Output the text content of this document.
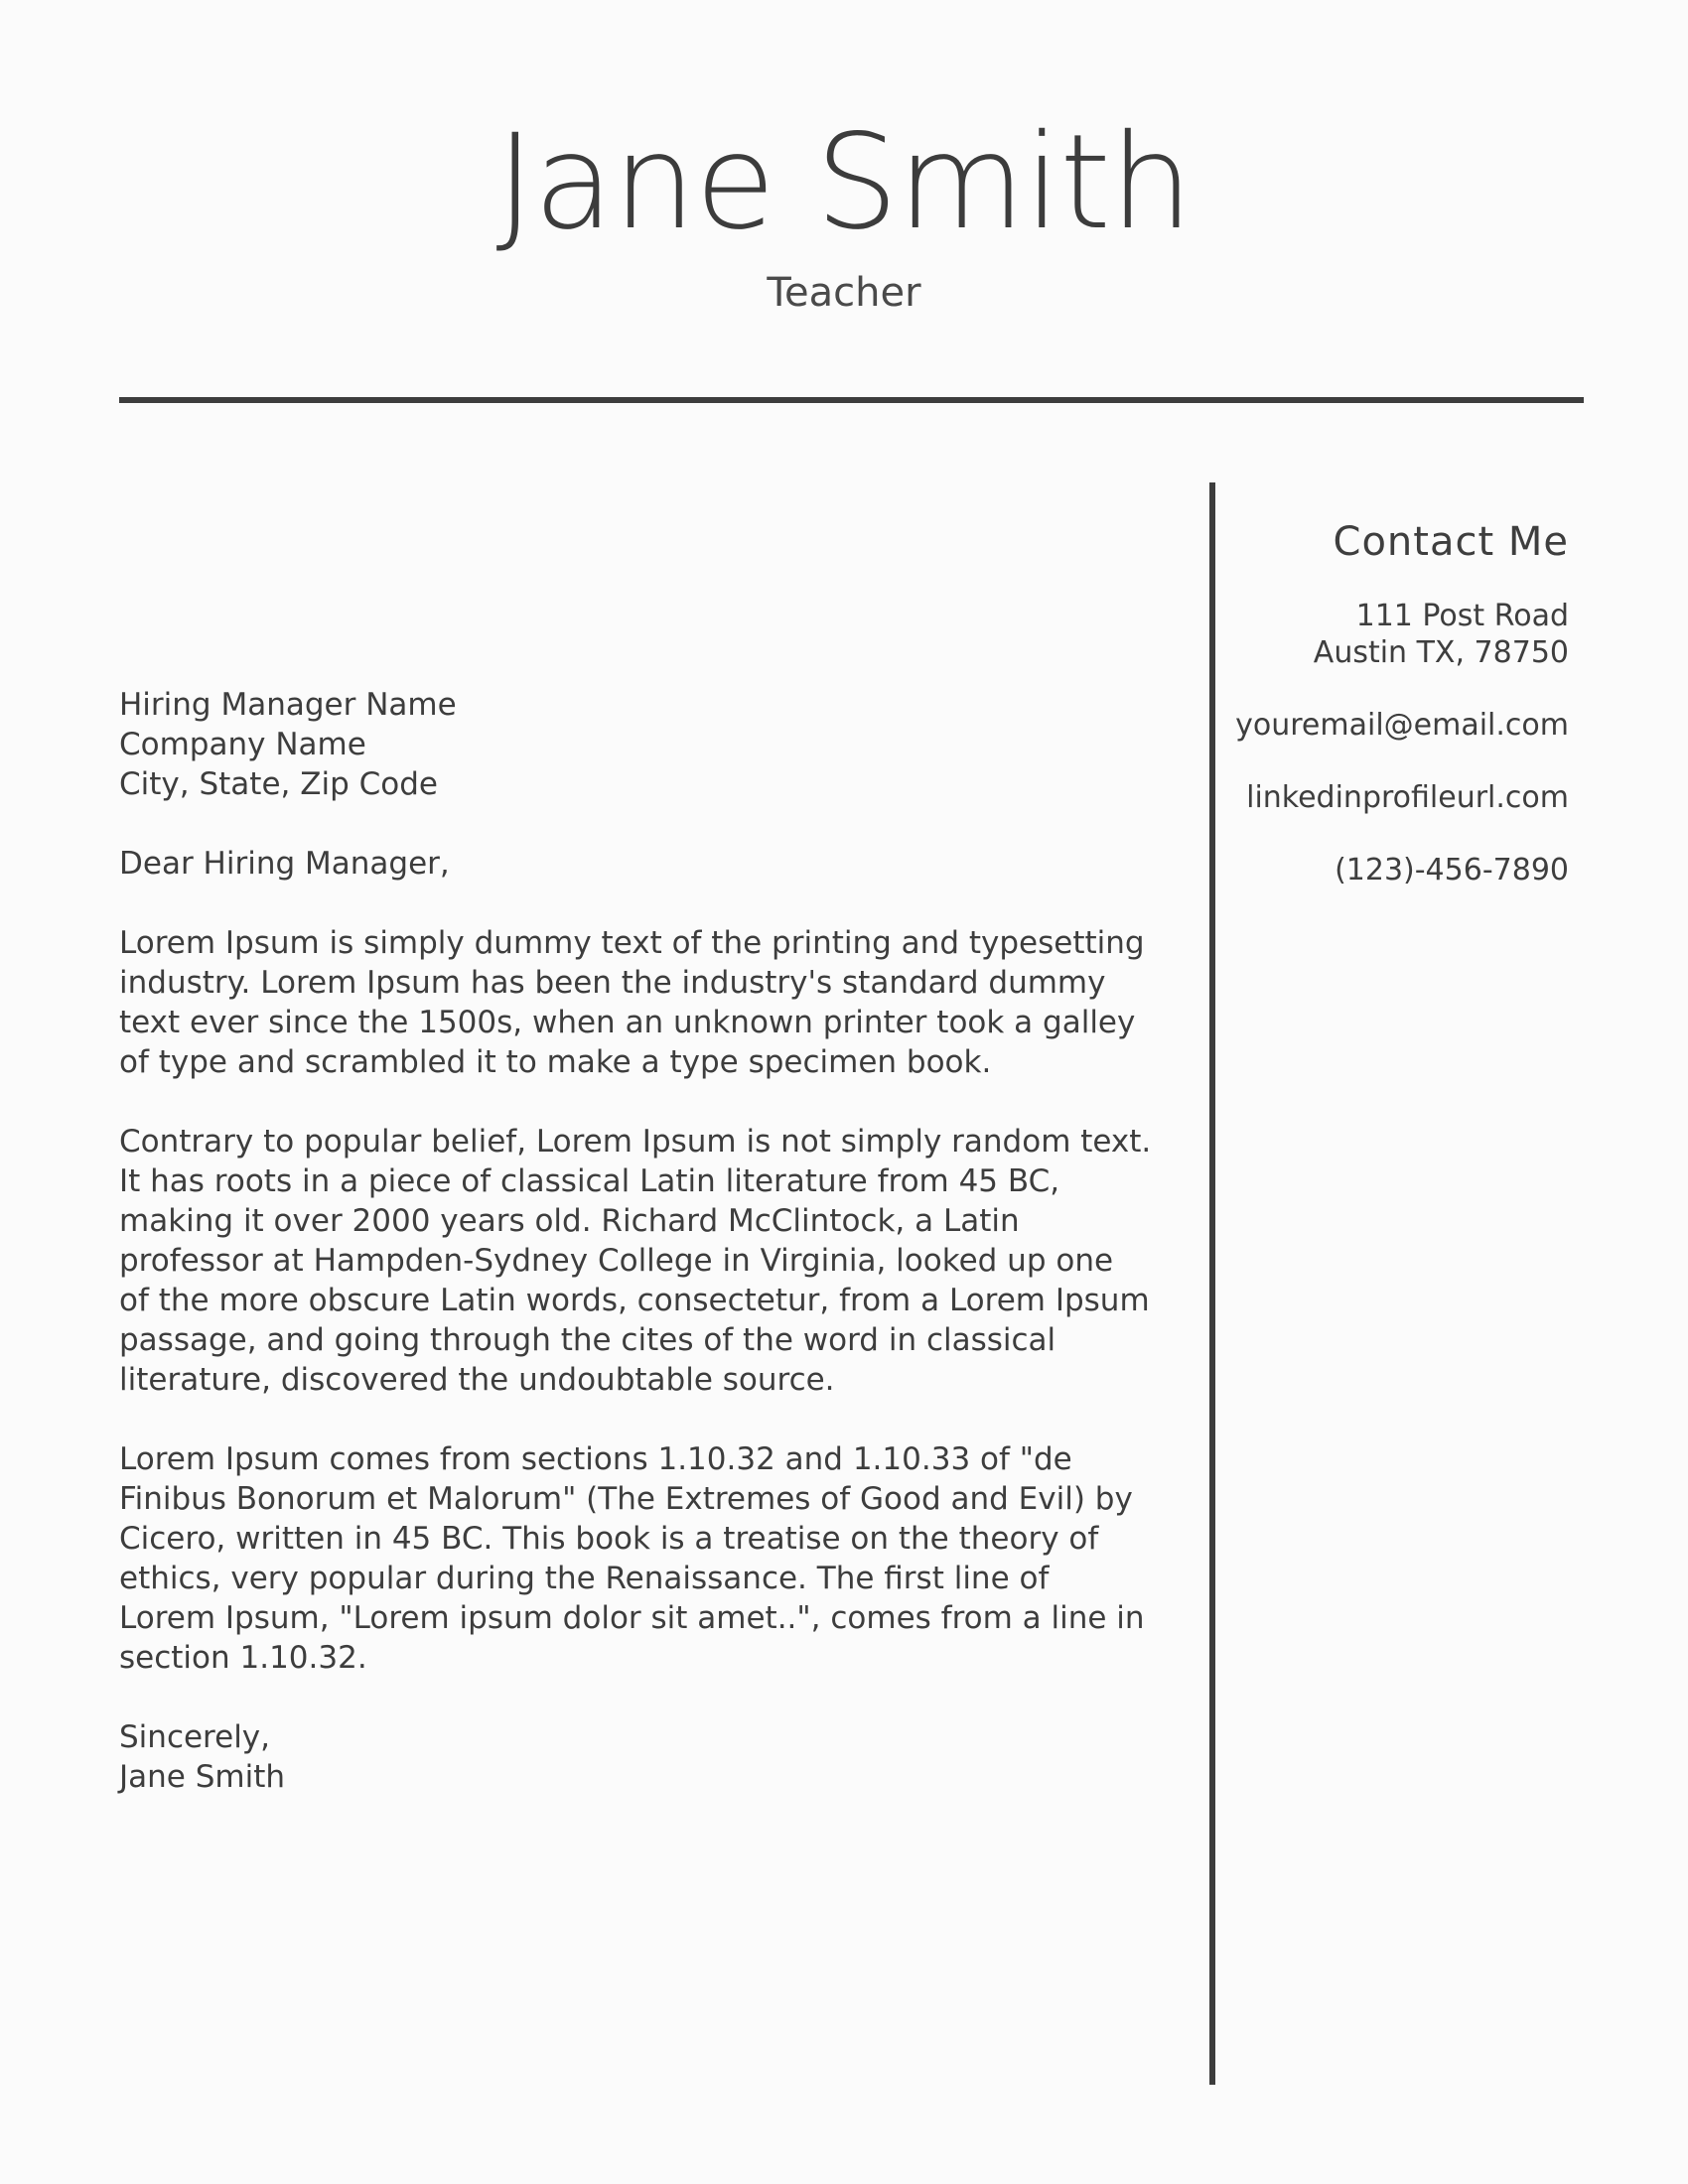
Jane Smith
Teacher
Contact Me
111 Post Road
Austin TX, 78750
youremail@email.com
linkedinprofileurl.com
(123)-456-7890

Hiring Manager Name
Company Name
City, State, Zip Code

Dear Hiring Manager,

Lorem Ipsum is simply dummy text of the printing and typesetting industry. Lorem Ipsum has been the industry's standard dummy text ever since the 1500s, when an unknown printer took a galley of type and scrambled it to make a type specimen book.

Contrary to popular belief, Lorem Ipsum is not simply random text. It has roots in a piece of classical Latin literature from 45 BC, making it over 2000 years old. Richard McClintock, a Latin professor at Hampden-Sydney College in Virginia, looked up one of the more obscure Latin words, consectetur, from a Lorem Ipsum passage, and going through the cites of the word in classical literature, discovered the undoubtable source.

Lorem Ipsum comes from sections 1.10.32 and 1.10.33 of "de Finibus Bonorum et Malorum" (The Extremes of Good and Evil) by Cicero, written in 45 BC. This book is a treatise on the theory of ethics, very popular during the Renaissance. The first line of Lorem Ipsum, "Lorem ipsum dolor sit amet..", comes from a line in section 1.10.32.

Sincerely,
Jane Smith
